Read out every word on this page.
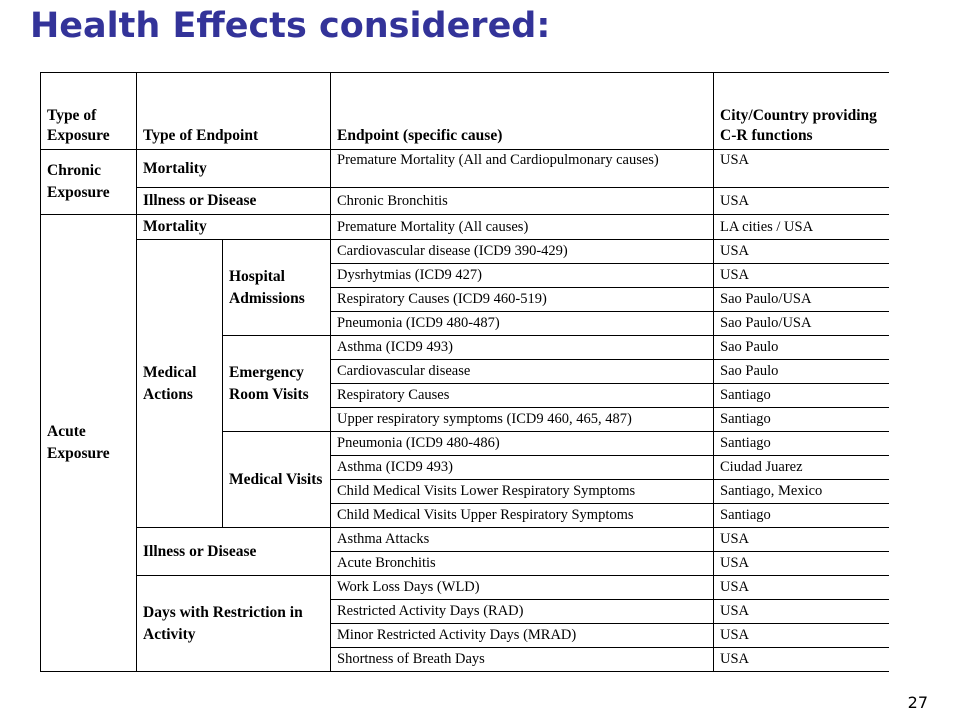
Health Effects considered:
Type of Exposure	Type of Endpoint		Endpoint (specific cause)	City/Country providing C-R functions
Chronic Exposure	Mortality		Premature Mortality (All and Cardiopulmonary causes)	USA
	Illness or Disease		Chronic Bronchitis	USA
Acute Exposure	Mortality		Premature Mortality (All causes)	LA cities / USA
	Medical Actions	Hospital Admissions	Cardiovascular disease (ICD9 390-429)	USA
			Dysrhytmias (ICD9 427)	USA
			Respiratory Causes (ICD9 460-519)	Sao Paulo/USA
			Pneumonia (ICD9 480-487)	Sao Paulo/USA
		Emergency Room Visits	Asthma (ICD9 493)	Sao Paulo
			Cardiovascular disease	Sao Paulo
			Respiratory Causes	Santiago
			Upper respiratory symptoms (ICD9 460, 465, 487)	Santiago
		Medical Visits	Pneumonia (ICD9 480-486)	Santiago
			Asthma (ICD9 493)	Ciudad Juarez
			Child Medical Visits Lower Respiratory Symptoms	Santiago, Mexico
			Child Medical Visits Upper Respiratory Symptoms	Santiago
	Illness or Disease		Asthma Attacks	USA
			Acute Bronchitis	USA
	Days with Restriction in Activity		Work Loss Days (WLD)	USA
			Restricted Activity Days (RAD)	USA
			Minor Restricted Activity Days (MRAD)	USA
			Shortness of Breath Days	USA
27
